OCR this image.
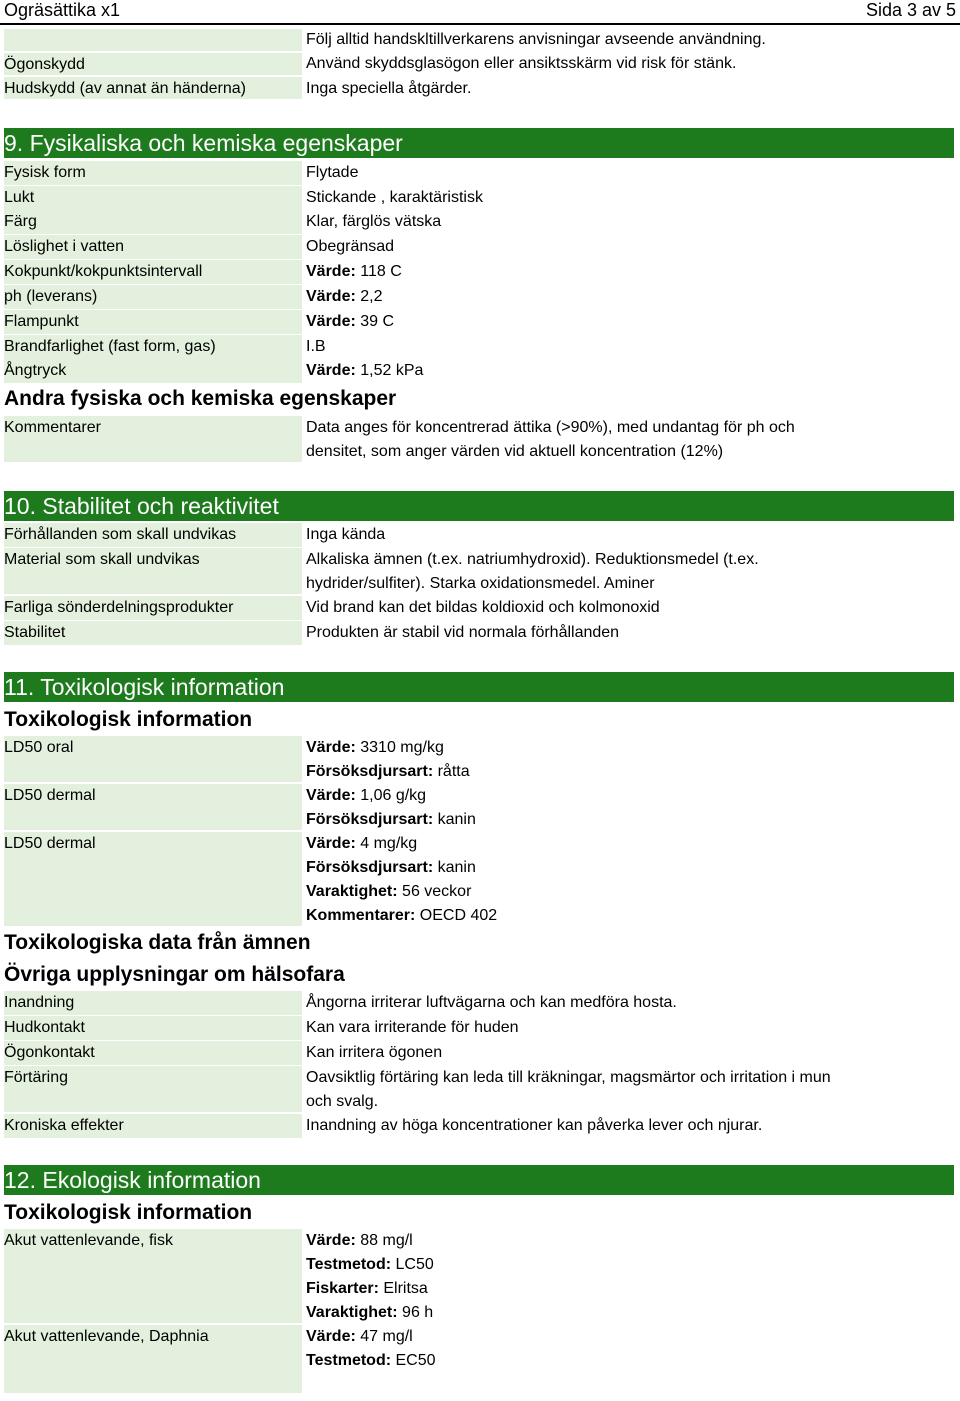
Ogräsättika x1	Sida 3 av 5
Följ alltid handskltillverkarens anvisningar avseende användning.
Ögonskydd	Använd skyddsglasögon eller ansiktsskärm vid risk för stänk.
Hudskydd (av annat än händerna)	Inga speciella åtgärder.
9. Fysikaliska och kemiska egenskaper
Fysisk form	Flytade
Lukt	Stickande , karaktäristisk
Färg	Klar, färglös vätska
Löslighet i vatten	Obegränsad
Kokpunkt/kokpunktsintervall	Värde: 118 C
ph (leverans)	Värde: 2,2
Flampunkt	Värde: 39 C
Brandfarlighet (fast form, gas)	I.B
Ångtryck	Värde: 1,52 kPa
Andra fysiska och kemiska egenskaper
Kommentarer	Data anges för koncentrerad ättika (>90%), med undantag för ph och
densitet, som anger värden vid aktuell koncentration (12%)
10. Stabilitet och reaktivitet
Förhållanden som skall undvikas	Inga kända
Material som skall undvikas	Alkaliska ämnen (t.ex. natriumhydroxid). Reduktionsmedel (t.ex.
hydrider/sulfiter). Starka oxidationsmedel. Aminer
Farliga sönderdelningsprodukter	Vid brand kan det bildas koldioxid och kolmonoxid
Stabilitet	Produkten är stabil vid normala förhållanden
11. Toxikologisk information
Toxikologisk information
LD50 oral	Värde: 3310 mg/kg
Försöksdjursart: råtta
LD50 dermal	Värde: 1,06 g/kg
Försöksdjursart: kanin
LD50 dermal	Värde: 4 mg/kg
Försöksdjursart: kanin
Varaktighet: 56 veckor
Kommentarer: OECD 402
Toxikologiska data från ämnen
Övriga upplysningar om hälsofara
Inandning	Ångorna irriterar luftvägarna och kan medföra hosta.
Hudkontakt	Kan vara irriterande för huden
Ögonkontakt	Kan irritera ögonen
Förtäring	Oavsiktlig förtäring kan leda till kräkningar, magsmärtor och irritation i mun
och svalg.
Kroniska effekter	Inandning av höga koncentrationer kan påverka lever och njurar.
12. Ekologisk information
Toxikologisk information
Akut vattenlevande, fisk	Värde: 88 mg/l
Testmetod: LC50
Fiskarter: Elritsa
Varaktighet: 96 h
Akut vattenlevande, Daphnia	Värde: 47 mg/l
Testmetod: EC50
